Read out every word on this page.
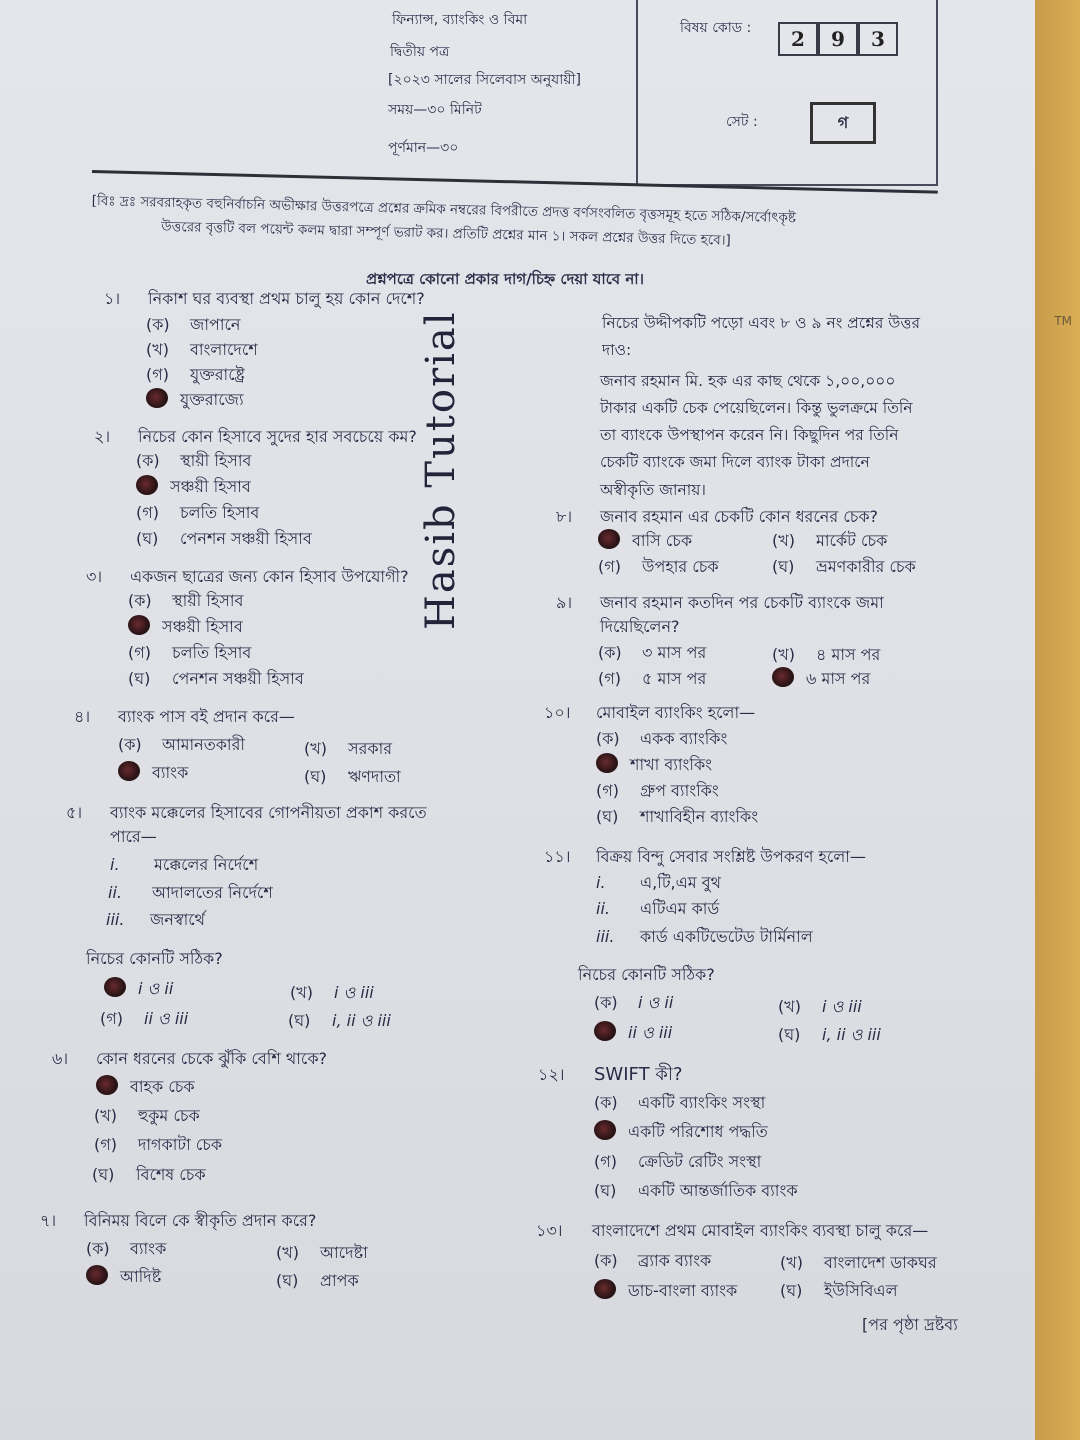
ফিন্যান্স, ব্যাংকিং ও বিমা
দ্বিতীয় পত্র
[২০২৩ সালের সিলেবাস অনুযায়ী]
সময়—৩০ মিনিট
পূর্ণমান—৩০
বিষয় কোড :	2	9	3
সেট :	গ
[বিঃ দ্রঃ সরবরাহকৃত বহুনির্বাচনি অভীক্ষার উত্তরপত্রে প্রশ্নের ক্রমিক নম্বরের বিপরীতে প্রদত্ত বর্ণসংবলিত বৃত্তসমূহ হতে সঠিক/সর্বোৎকৃষ্ট
উত্তরের বৃত্তটি বল পয়েন্ট কলম দ্বারা সম্পূর্ণ ভরাট কর। প্রতিটি প্রশ্নের মান ১। সকল প্রশ্নের উত্তর দিতে হবে।]
প্রশ্নপত্রে কোনো প্রকার দাগ/চিহ্ন দেয়া যাবে না।
১। নিকাশ ঘর ব্যবস্থা প্রথম চালু হয় কোন দেশে?
(ক) জাপানে
(খ) বাংলাদেশে
(গ) যুক্তরাষ্ট্রে
যুক্তরাজ্যে
২। নিচের কোন হিসাবে সুদের হার সবচেয়ে কম?
(ক) স্থায়ী হিসাব
সঞ্চয়ী হিসাব
(গ) চলতি হিসাব
(ঘ) পেনশন সঞ্চয়ী হিসাব
৩। একজন ছাত্রের জন্য কোন হিসাব উপযোগী?
(ক) স্থায়ী হিসাব
সঞ্চয়ী হিসাব
(গ) চলতি হিসাব
(ঘ) পেনশন সঞ্চয়ী হিসাব
৪। ব্যাংক পাস বই প্রদান করে—
(ক) আমানতকারী	(খ) সরকার
ব্যাংক	(ঘ) ঋণদাতা
৫। ব্যাংক মক্কেলের হিসাবের গোপনীয়তা প্রকাশ করতে
পারে—
i. মক্কেলের নির্দেশে
ii. আদালতের নির্দেশে
iii. জনস্বার্থে
নিচের কোনটি সঠিক?
i ও ii	(খ) i ও iii
(গ) ii ও iii	(ঘ) i, ii ও iii
৬। কোন ধরনের চেকে ঝুঁকি বেশি থাকে?
বাহক চেক
(খ) হুকুম চেক
(গ) দাগকাটা চেক
(ঘ) বিশেষ চেক
৭। বিনিময় বিলে কে স্বীকৃতি প্রদান করে?
(ক) ব্যাংক	(খ) আদেষ্টা
আদিষ্ট	(ঘ) প্রাপক
Hasib Tutorial	নিচের উদ্দীপকটি পড়ো এবং ৮ ও ৯ নং প্রশ্নের উত্তর
দাও:
জনাব রহমান মি. হক এর কাছ থেকে ১,০০,০০০
টাকার একটি চেক পেয়েছিলেন। কিন্তু ভুলক্রমে তিনি
তা ব্যাংকে উপস্থাপন করেন নি। কিছুদিন পর তিনি
চেকটি ব্যাংকে জমা দিলে ব্যাংক টাকা প্রদানে
অস্বীকৃতি জানায়।
৮। জনাব রহমান এর চেকটি কোন ধরনের চেক?
বাসি চেক	(খ) মার্কেট চেক
(গ) উপহার চেক	(ঘ) ভ্রমণকারীর চেক
৯। জনাব রহমান কতদিন পর চেকটি ব্যাংকে জমা
দিয়েছিলেন?
(ক) ৩ মাস পর	(খ) ৪ মাস পর
(গ) ৫ মাস পর	৬ মাস পর
১০। মোবাইল ব্যাংকিং হলো—
(ক) একক ব্যাংকিং
শাখা ব্যাংকিং
(গ) গ্রুপ ব্যাংকিং
(ঘ) শাখাবিহীন ব্যাংকিং
১১। বিক্রয় বিন্দু সেবার সংশ্লিষ্ট উপকরণ হলো—
i. এ,টি,এম বুথ
ii. এটিএম কার্ড
iii. কার্ড একটিভেটেড টার্মিনাল
নিচের কোনটি সঠিক?
(ক) i ও ii	(খ) i ও iii
ii ও iii	(ঘ) i, ii ও iii
১২। SWIFT কী?
(ক) একটি ব্যাংকিং সংস্থা
একটি পরিশোধ পদ্ধতি
(গ) ক্রেডিট রেটিং সংস্থা
(ঘ) একটি আন্তর্জাতিক ব্যাংক
১৩। বাংলাদেশে প্রথম মোবাইল ব্যাংকিং ব্যবস্থা চালু করে—
(ক) ব্র্যাক ব্যাংক	(খ) বাংলাদেশ ডাকঘর
ডাচ-বাংলা ব্যাংক	(ঘ) ইউসিবিএল
[পর পৃষ্ঠা দ্রষ্টব্য
TM
